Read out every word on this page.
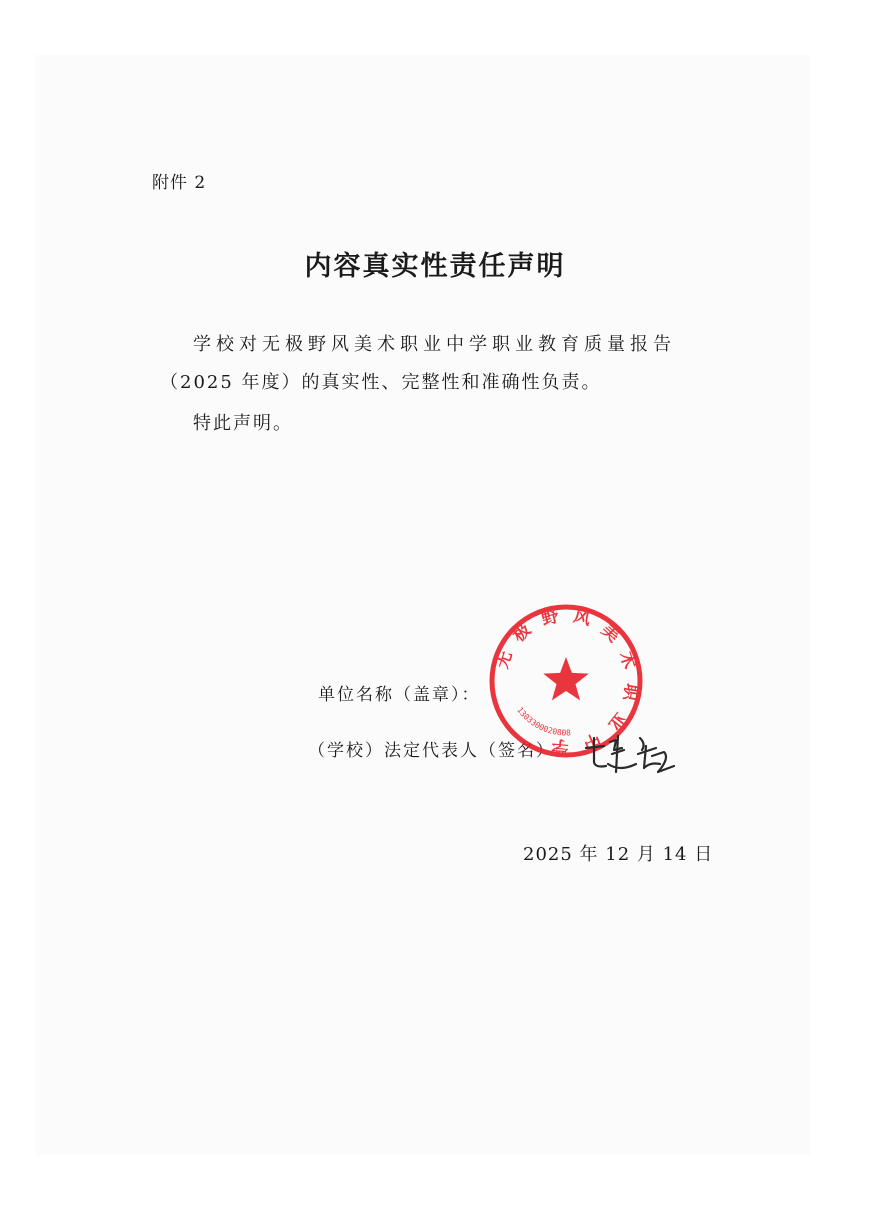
附件 2
内容真实性责任声明
学校对无极野风美术职业中学职业教育质量报告
（2025 年度）的真实性、完整性和准确性负责。
特此声明。
单位名称（盖章）：
（学校）法定代表人（签名）
2025 年 12 月 14 日
无极野风美术职业中学
1303300020808
